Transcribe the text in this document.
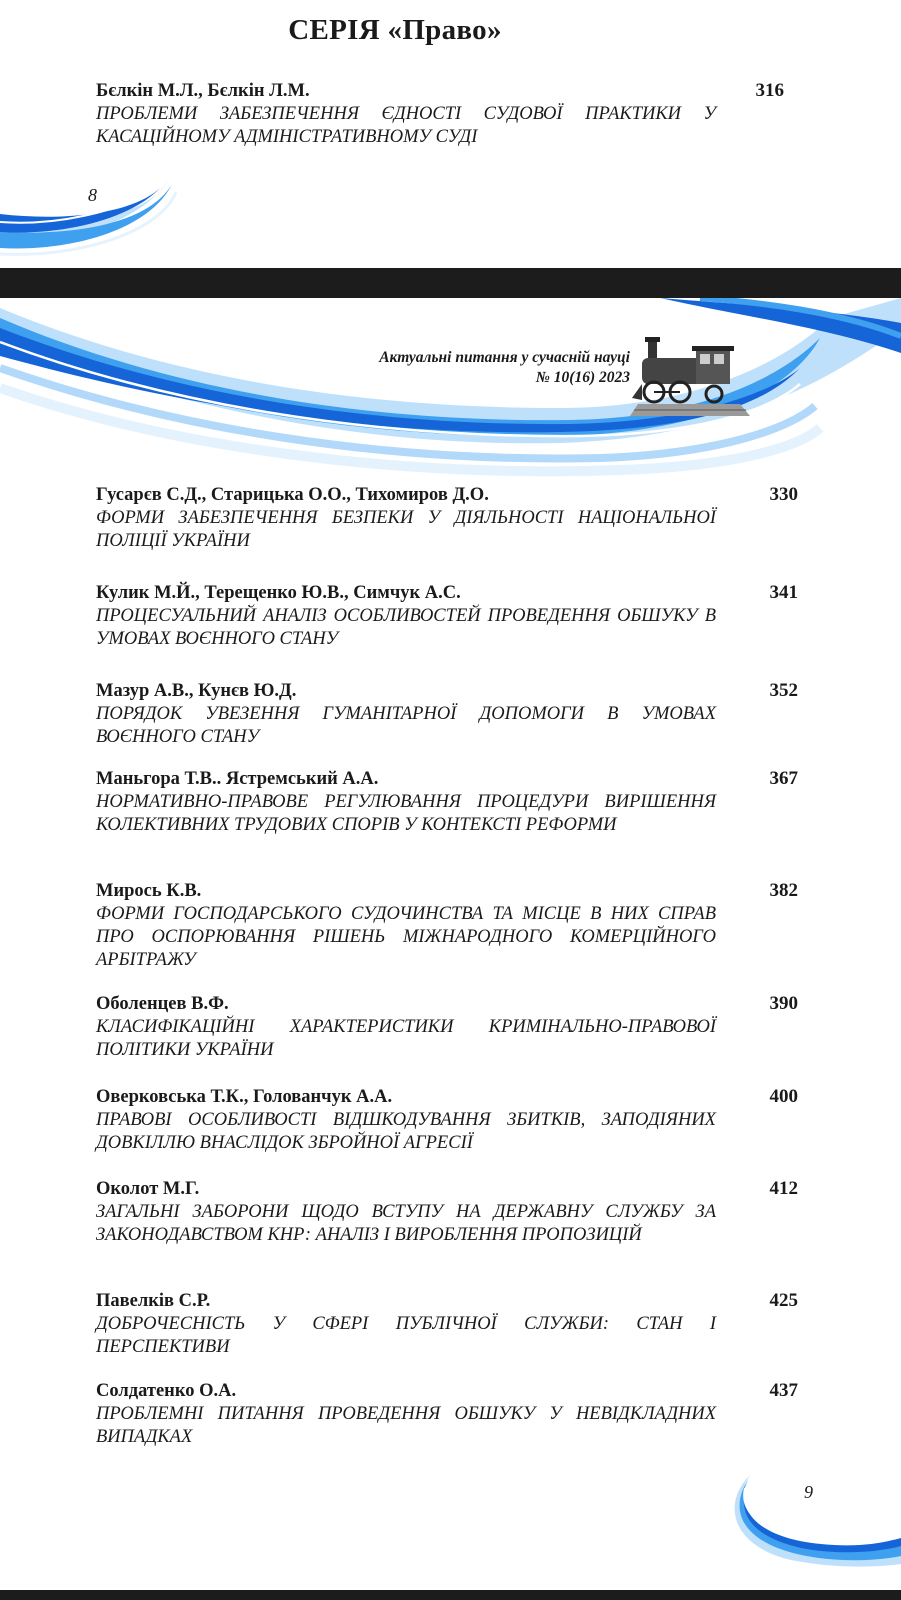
СЕРІЯ «Право»
Бєлкін М.Л., Бєлкін Л.М.
ПРОБЛЕМИ ЗАБЕЗПЕЧЕННЯ ЄДНОСТІ СУДОВОЇ ПРАКТИКИ У КАСАЦІЙНОМУ АДМІНІСТРАТИВНОМУ СУДІ
316
8
Актуальні питання у сучасній науці
№ 10(16) 2023
Гусарєв С.Д., Старицька О.О., Тихомиров Д.О.
ФОРМИ ЗАБЕЗПЕЧЕННЯ БЕЗПЕКИ У ДІЯЛЬНОСТІ НАЦІОНАЛЬНОЇ ПОЛІЦІЇ УКРАЇНИ
330
Кулик М.Й., Терещенко Ю.В., Симчук А.С.
ПРОЦЕСУАЛЬНИЙ АНАЛІЗ ОСОБЛИВОСТЕЙ ПРОВЕДЕННЯ ОБШУКУ В УМОВАХ ВОЄННОГО СТАНУ
341
Мазур А.В., Кунєв Ю.Д.
ПОРЯДОК УВЕЗЕННЯ ГУМАНІТАРНОЇ ДОПОМОГИ В УМОВАХ ВОЄННОГО СТАНУ
352
Маньгора Т.В.. Ястремський А.А.
НОРМАТИВНО-ПРАВОВЕ РЕГУЛЮВАННЯ ПРОЦЕДУРИ ВИРІШЕННЯ КОЛЕКТИВНИХ ТРУДОВИХ СПОРІВ У КОНТЕКСТІ РЕФОРМИ
367
Мирось К.В.
ФОРМИ ГОСПОДАРСЬКОГО СУДОЧИНСТВА ТА МІСЦЕ В НИХ СПРАВ ПРО ОСПОРЮВАННЯ РІШЕНЬ МІЖНАРОДНОГО КОМЕРЦІЙНОГО АРБІТРАЖУ
382
Оболенцев В.Ф.
КЛАСИФІКАЦІЙНІ ХАРАКТЕРИСТИКИ КРИМІНАЛЬНО-ПРАВОВОЇ ПОЛІТИКИ УКРАЇНИ
390
Оверковська Т.К., Голованчук А.А.
ПРАВОВІ ОСОБЛИВОСТІ ВІДШКОДУВАННЯ ЗБИТКІВ, ЗАПОДІЯНИХ ДОВКІЛЛЮ ВНАСЛІДОК ЗБРОЙНОЇ АГРЕСІЇ
400
Околот М.Г.
ЗАГАЛЬНІ ЗАБОРОНИ ЩОДО ВСТУПУ НА ДЕРЖАВНУ СЛУЖБУ ЗА ЗАКОНОДАВСТВОМ КНР: АНАЛІЗ І ВИРОБЛЕННЯ ПРОПОЗИЦІЙ
412
Павелків С.Р.
ДОБРОЧЕСНІСТЬ У СФЕРІ ПУБЛІЧНОЇ СЛУЖБИ: СТАН І ПЕРСПЕКТИВИ
425
Солдатенко О.А.
ПРОБЛЕМНІ ПИТАННЯ ПРОВЕДЕННЯ ОБШУКУ У НЕВІДКЛАДНИХ ВИПАДКАХ
437
9
